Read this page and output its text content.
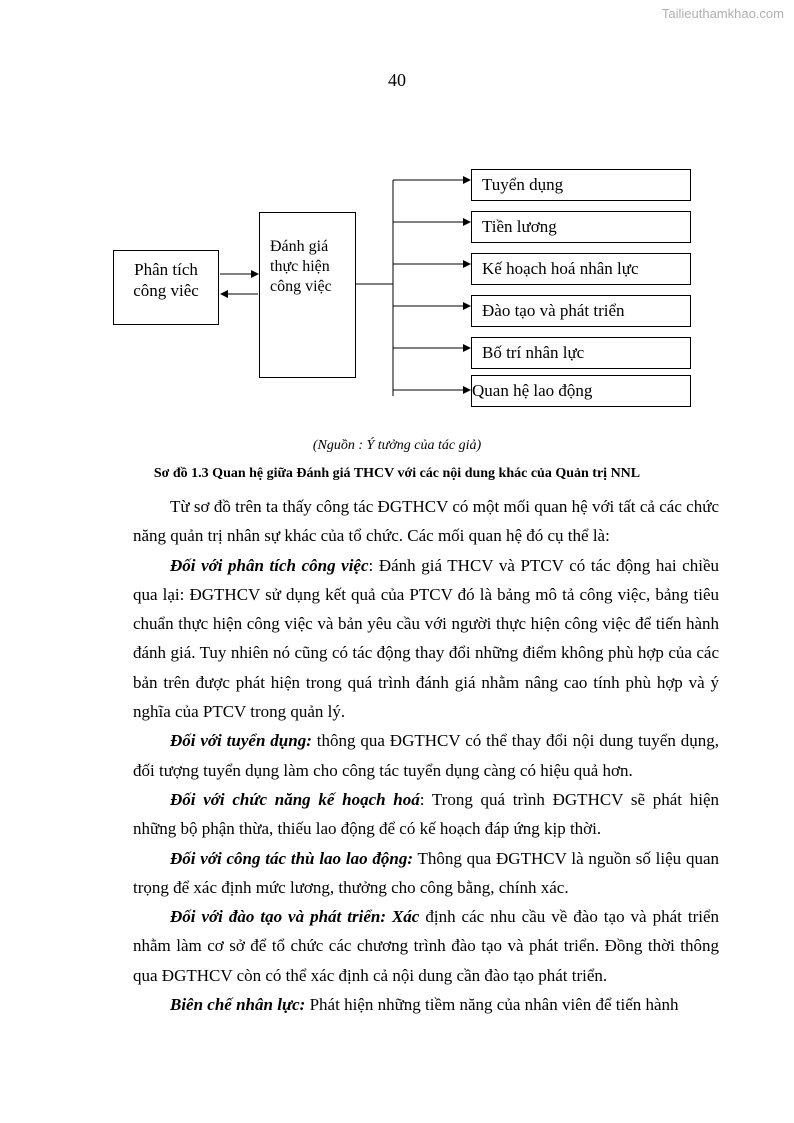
Tailieuthamkhao.com
40
Phân tích
công viêc
Đánh giá
thực hiện
công việc
Tuyển dụng
Tiền lương
Kế hoạch hoá nhân lực
Đào tạo và phát triển
Bố trí nhân lực
Quan hệ lao động
(Nguồn : Ý tưởng của tác giả)
Sơ đồ 1.3 Quan hệ giữa Đánh giá THCV với các nội dung khác của Quản trị NNL

Từ sơ đồ trên ta thấy công tác ĐGTHCV có một mối quan hệ với tất cả các chức năng quản trị nhân sự khác của tổ chức. Các mối quan hệ đó cụ thể là:

Đối với phân tích công việc: Đánh giá THCV và PTCV có tác động hai chiều qua lại: ĐGTHCV sử dụng kết quả của PTCV đó là bảng mô tả công việc, bảng tiêu chuẩn thực hiện công việc và bản yêu cầu với người thực hiện công việc để tiến hành đánh giá. Tuy nhiên nó cũng có tác động thay đổi những điểm không phù hợp của các bản trên được phát hiện trong quá trình đánh giá nhằm nâng cao tính phù hợp và ý nghĩa của PTCV trong quản lý.

Đối với tuyển dụng: thông qua ĐGTHCV có thể thay đổi nội dung tuyển dụng, đối tượng tuyển dụng làm cho công tác tuyển dụng càng có hiệu quả hơn.

Đối với chức năng kế hoạch hoá: Trong quá trình ĐGTHCV sẽ phát hiện những bộ phận thừa, thiếu lao động để có kế hoạch đáp ứng kịp thời.

Đối với công tác thù lao lao động: Thông qua ĐGTHCV là nguồn số liệu quan trọng để xác định mức lương, thưởng cho công bằng, chính xác.

Đối với đào tạo và phát triển: Xác định các nhu cầu về đào tạo và phát triển nhằm làm cơ sở để tổ chức các chương trình đào tạo và phát triển. Đồng thời thông qua ĐGTHCV còn có thể xác định cả nội dung cần đào tạo phát triển.

Biên chế nhân lực: Phát hiện những tiềm năng của nhân viên để tiến hành
